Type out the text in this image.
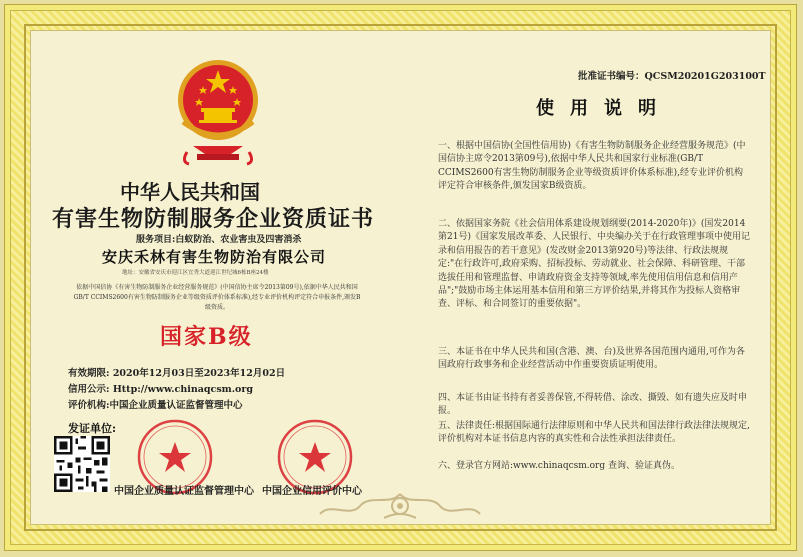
批准证书编号：QCSM20201G203100T
使用说明
中华人民共和国
有害生物防制服务企业资质证书
服务项目:白蚁防治、农业害虫及四害消杀
安庆禾林有害生物防治有限公司
地址：安徽省安庆市迎江区宜秀大道迎江世纪城6栋B座24楼
依据中国信协《有害生物防制服务企业经营服务规范》(中国信协主席令2013第09号),依据中华人民共和国GB/T CCIMS2600有害生物防制服务企业等级资质评价体系标准),经专业评价机构评定符合申报条件,颁发B级资质。
国家B级
有效期限: 2020年12月03日至2023年12月02日
信用公示: Http://www.chinaqcsm.org
评价机构:中国企业质量认证监督管理中心
发证单位:
中国企业质量认证监督管理中心 中国企业信用评价中心
一、根据中国信协(全国性信用协)《有害生物防制服务企业经营服务规范》(中国信协主席令2013第09号),依据中华人民共和国家行业标准(GB/T CCIMS2600有害生物防制服务企业等级资质评价体系标准),经专业评价机构评定符合审核条件,颁发国家B级资质。
二、依据国家务院《社会信用体系建设规划纲要(2014-2020年)》(国发2014第21号)《国家发展改革委、人民银行、中央编办关于在行政管理事项中使用记录和信用报告的若干意见》(发改财金2013第920号)等法律、行政法规规定:"在行政许可,政府采购、招标投标、劳动就业、社会保障、科研管理、干部选拔任用和管理监督、申请政府资金支持等领域,率先使用信用信息和信用产品";"鼓励市场主体运用基本信用和第三方评价结果,并将其作为投标人资格审查、评标、和合同签订的重要依据"。
三、本证书在中华人民共和国(含港、澳、台)及世界各国范围内通用,可作为各国政府行政事务和企业经营活动中作重要资质证明使用。
四、本证书由证书持有者妥善保管,不得转借、涂改、撕毁、如有遗失应及时申报。
五、法律责任:根据国际通行法律原则和中华人民共和国法律行政法律法规规定,评价机构对本证书信息内容的真实性和合法性承担法律责任。
六、登录官方网站:www.chinaqcsm.org 查询、验证真伪。
